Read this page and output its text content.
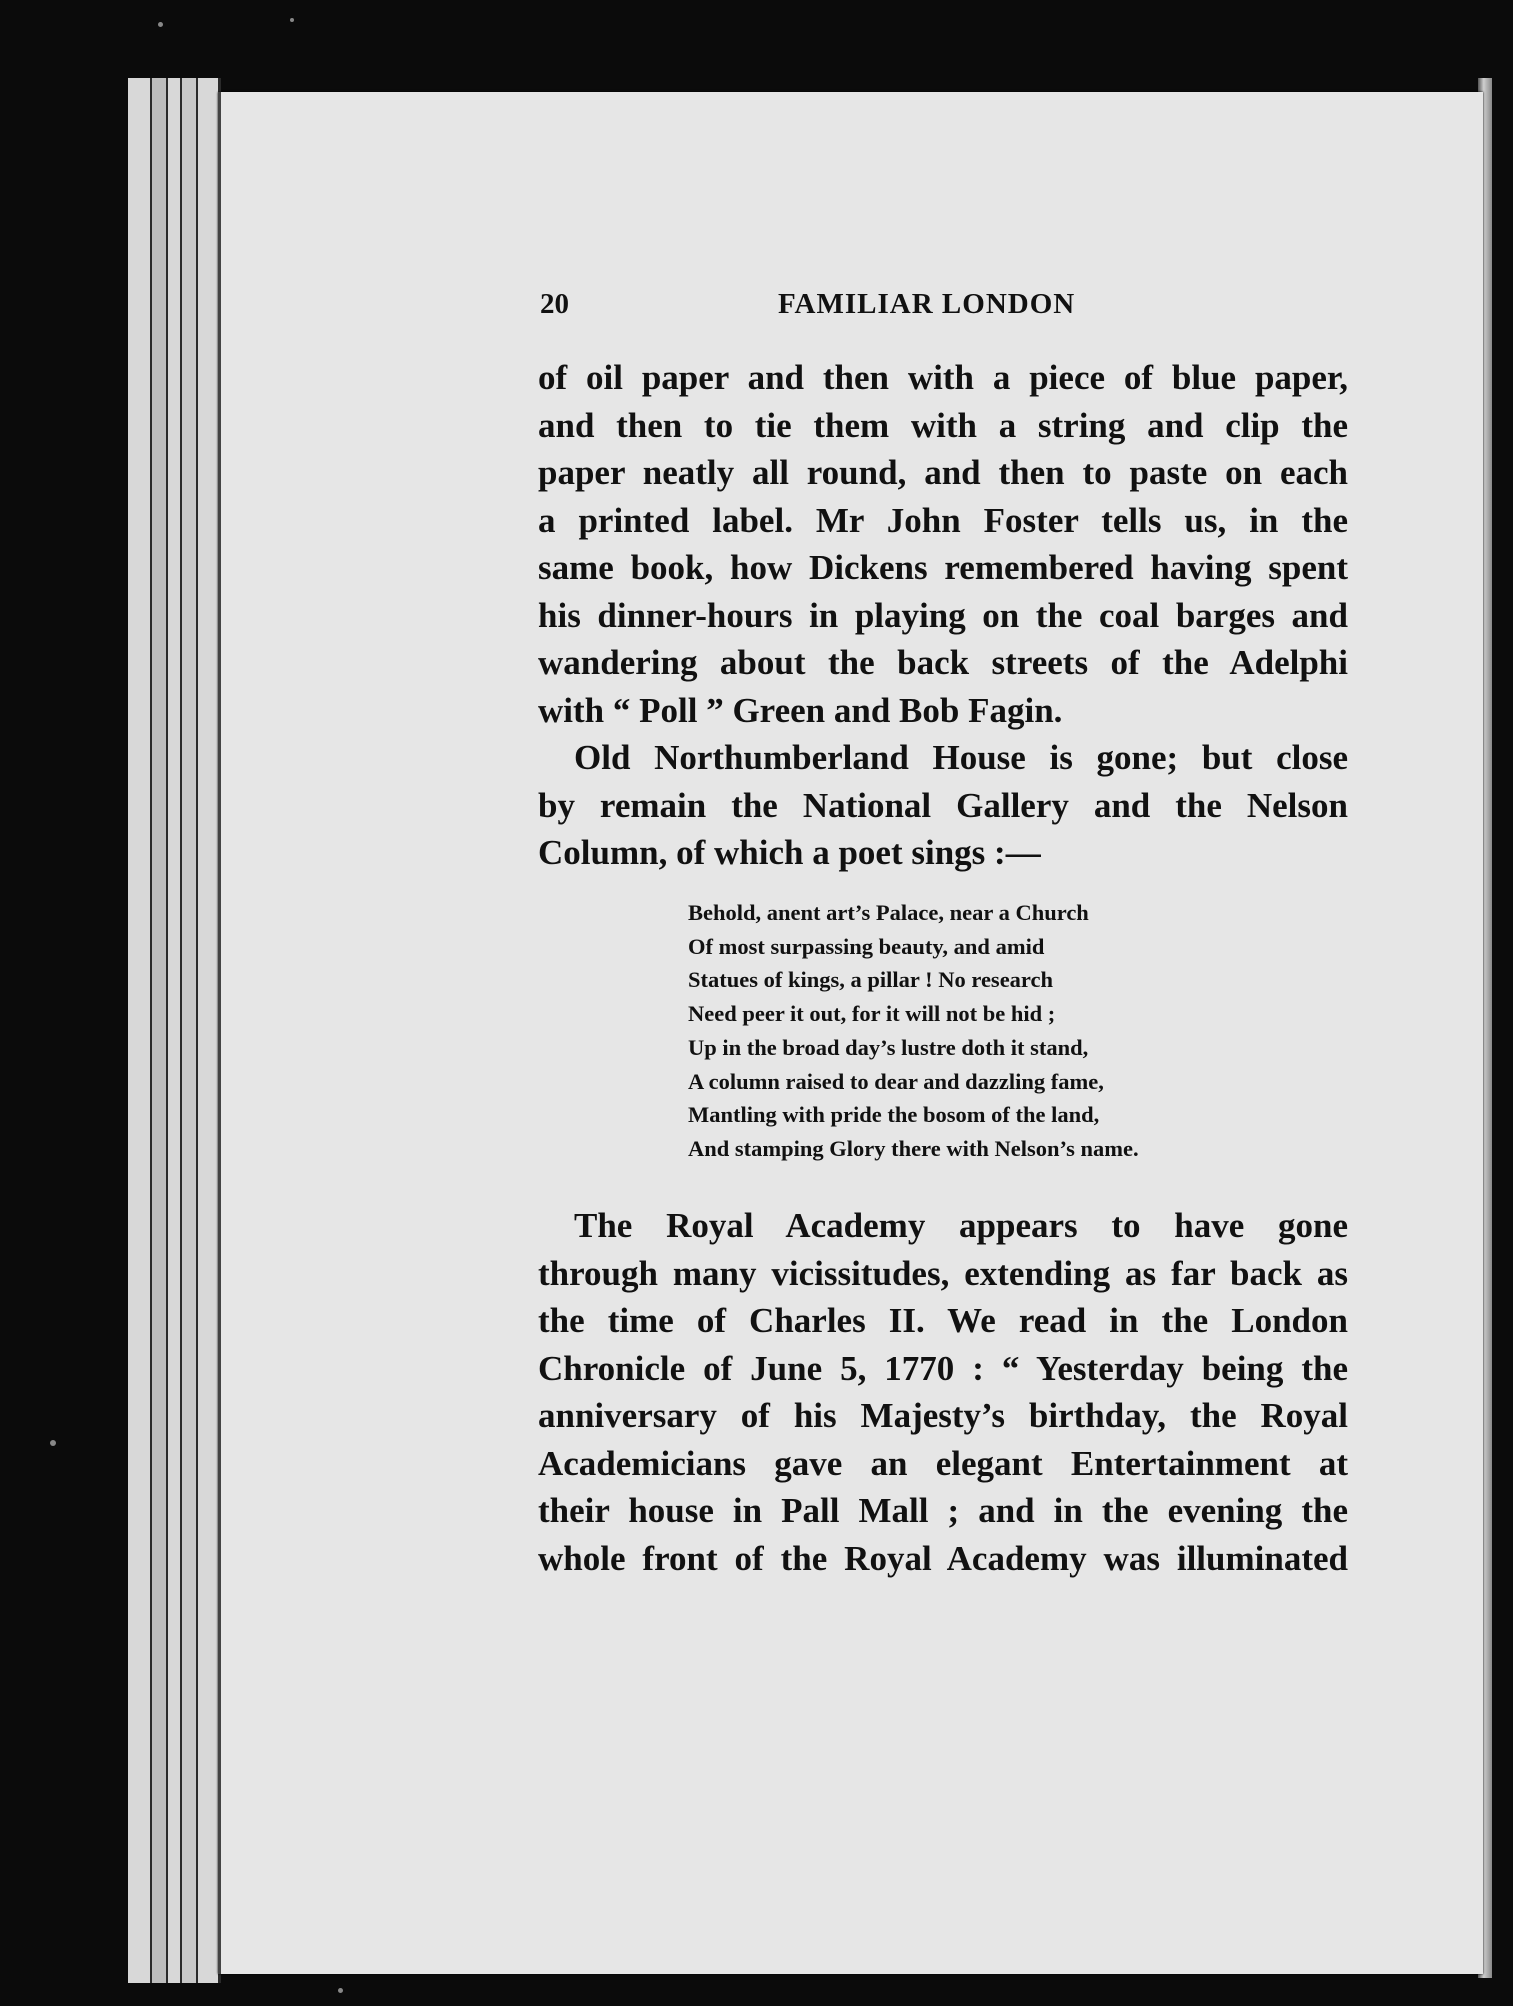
20	FAMILIAR LONDON
of oil paper and then with a piece of blue paper,
and then to tie them with a string and clip the
paper neatly all round, and then to paste on each
a printed label. Mr John Foster tells us, in the
same book, how Dickens remembered having spent
his dinner-hours in playing on the coal barges and
wandering about the back streets of the Adelphi
with “ Poll ” Green and Bob Fagin.
Old Northumberland House is gone; but close
by remain the National Gallery and the Nelson
Column, of which a poet sings :—
Behold, anent art’s Palace, near a Church
Of most surpassing beauty, and amid
Statues of kings, a pillar ! No research
Need peer it out, for it will not be hid ;
Up in the broad day’s lustre doth it stand,
A column raised to dear and dazzling fame,
Mantling with pride the bosom of the land,
And stamping Glory there with Nelson’s name.
The Royal Academy appears to have gone
through many vicissitudes, extending as far back as
the time of Charles II. We read in the London
Chronicle of June 5, 1770 : “ Yesterday being the
anniversary of his Majesty’s birthday, the Royal
Academicians gave an elegant Entertainment at
their house in Pall Mall ; and in the evening the
whole front of the Royal Academy was illuminated
